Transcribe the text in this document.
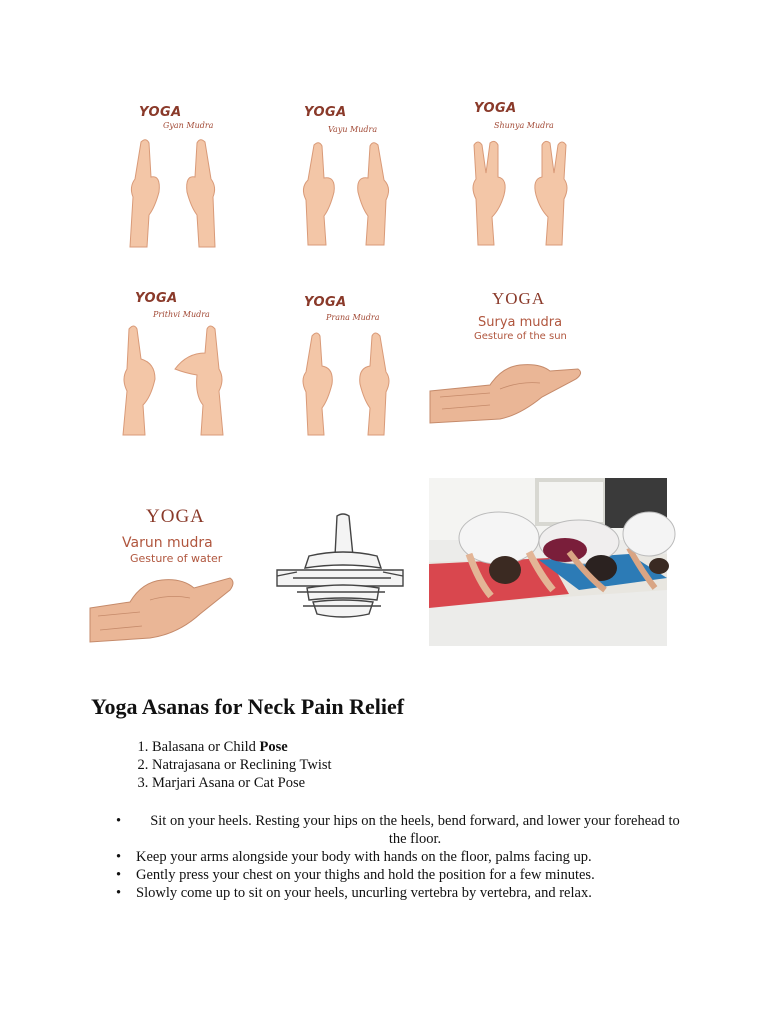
YOGA
Gyan Mudra
YOGA
Vayu Mudra
YOGA
Shunya Mudra
YOGA
Prithvi Mudra
YOGA
Prana Mudra
YOGA
Surya mudra
Gesture of the sun
YOGA
Varun mudra
Gesture of water
Yoga Asanas for Neck Pain Relief
1. Balasana or Child Pose
2. Natrajasana or Reclining Twist
3. Marjari Asana or Cat Pose
• Sit on your heels. Resting your hips on the heels, bend forward, and lower your forehead to the floor.
• Keep your arms alongside your body with hands on the floor, palms facing up.
• Gently press your chest on your thighs and hold the position for a few minutes.
• Slowly come up to sit on your heels, uncurling vertebra by vertebra, and relax.
